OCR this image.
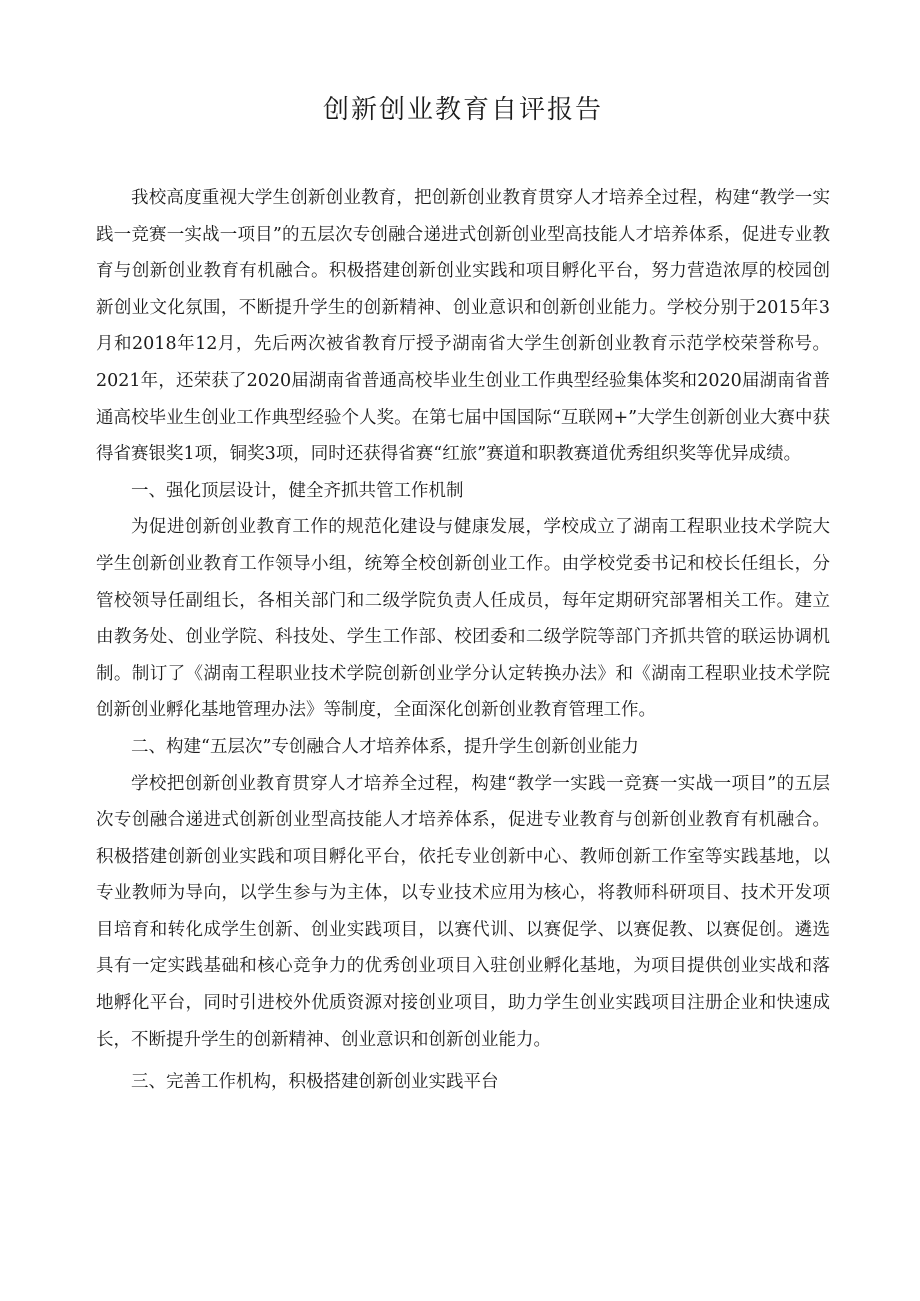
创新创业教育自评报告

我校高度重视大学生创新创业教育，把创新创业教育贯穿人才培养全过程，构建“教学一实践一竞赛一实战一项目”的五层次专创融合递进式创新创业型高技能人才培养体系，促进专业教育与创新创业教育有机融合。积极搭建创新创业实践和项目孵化平台，努力营造浓厚的校园创新创业文化氛围，不断提升学生的创新精神、创业意识和创新创业能力。学校分别于2015年3月和2018年12月，先后两次被省教育厅授予湖南省大学生创新创业教育示范学校荣誉称号。2021年，还荣获了2020届湖南省普通高校毕业生创业工作典型经验集体奖和2020届湖南省普通高校毕业生创业工作典型经验个人奖。在第七届中国国际“互联网+”大学生创新创业大赛中获得省赛银奖1项，铜奖3项，同时还获得省赛“红旅”赛道和职教赛道优秀组织奖等优异成绩。

一、强化顶层设计，健全齐抓共管工作机制

为促进创新创业教育工作的规范化建设与健康发展，学校成立了湖南工程职业技术学院大学生创新创业教育工作领导小组，统筹全校创新创业工作。由学校党委书记和校长任组长，分管校领导任副组长，各相关部门和二级学院负责人任成员，每年定期研究部署相关工作。建立由教务处、创业学院、科技处、学生工作部、校团委和二级学院等部门齐抓共管的联运协调机制。制订了《湖南工程职业技术学院创新创业学分认定转换办法》和《湖南工程职业技术学院创新创业孵化基地管理办法》等制度，全面深化创新创业教育管理工作。

二、构建“五层次”专创融合人才培养体系，提升学生创新创业能力

学校把创新创业教育贯穿人才培养全过程，构建“教学一实践一竞赛一实战一项目”的五层次专创融合递进式创新创业型高技能人才培养体系，促进专业教育与创新创业教育有机融合。积极搭建创新创业实践和项目孵化平台，依托专业创新中心、教师创新工作室等实践基地，以专业教师为导向，以学生参与为主体，以专业技术应用为核心，将教师科研项目、技术开发项目培育和转化成学生创新、创业实践项目，以赛代训、以赛促学、以赛促教、以赛促创。遴选具有一定实践基础和核心竞争力的优秀创业项目入驻创业孵化基地，为项目提供创业实战和落地孵化平台，同时引进校外优质资源对接创业项目，助力学生创业实践项目注册企业和快速成长，不断提升学生的创新精神、创业意识和创新创业能力。

三、完善工作机构，积极搭建创新创业实践平台
